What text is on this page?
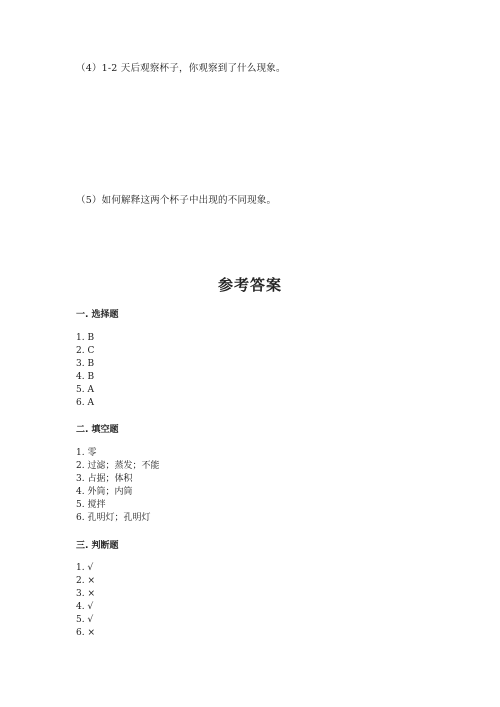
（4）1-2 天后观察杯子，你观察到了什么现象。
（5）如何解释这两个杯子中出现的不同现象。
参考答案
一. 选择题
1. B
2. C
3. B
4. B
5. A
6. A
二. 填空题
1. 零
2. 过滤；蒸发；不能
3. 占据；体积
4. 外筒；内筒
5. 搅拌
6. 孔明灯；孔明灯
三. 判断题
1. √
2. ×
3. ×
4. √
5. √
6. ×
